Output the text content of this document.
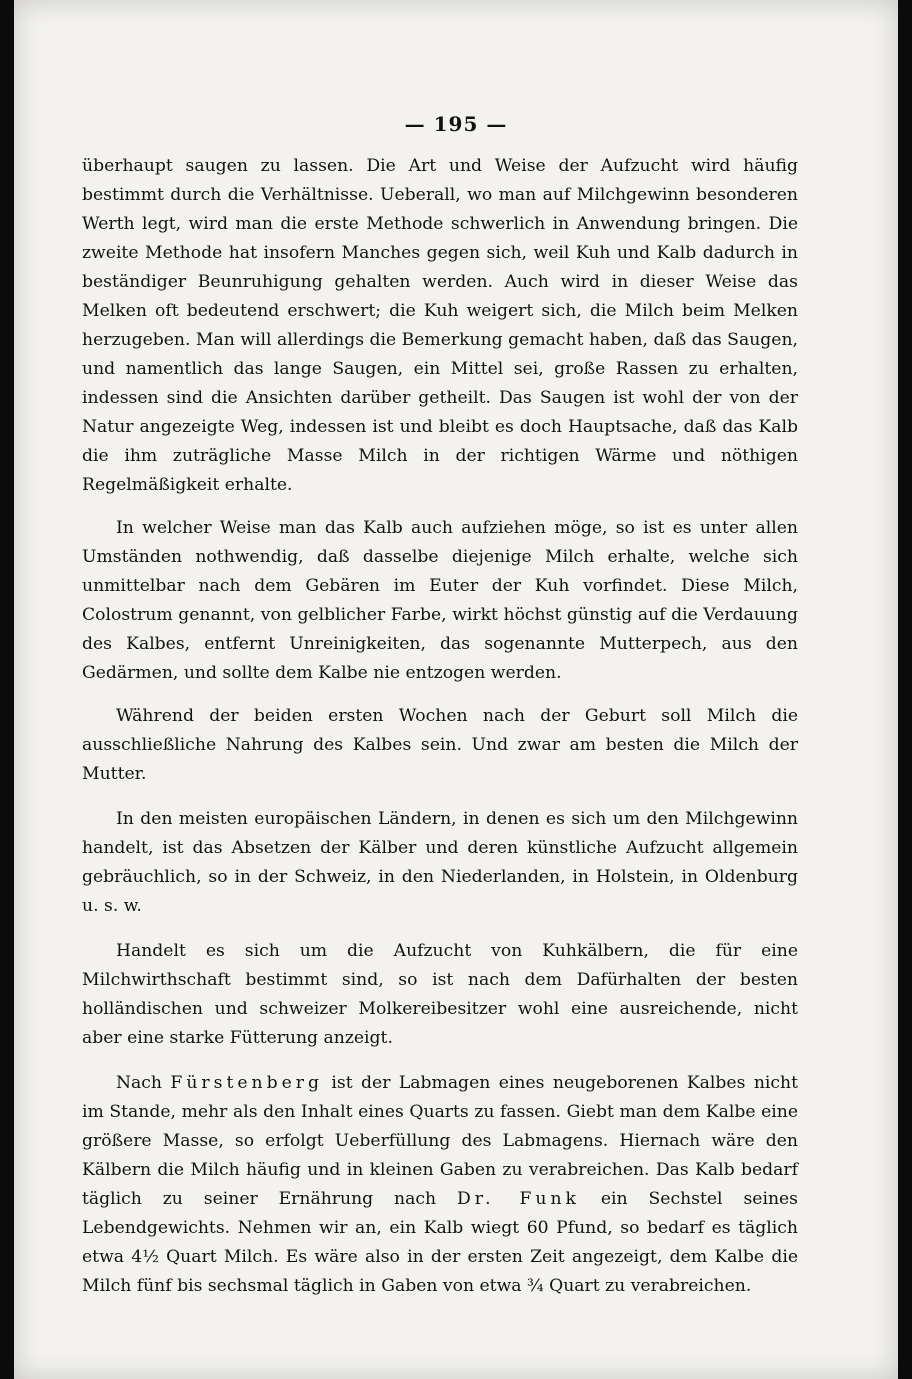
— 195 —

überhaupt saugen zu lassen. Die Art und Weise der Aufzucht wird häufig bestimmt durch die Verhältnisse. Ueberall, wo man auf Milchgewinn besonderen Werth legt, wird man die erste Methode schwerlich in Anwendung bringen. Die zweite Methode hat insofern Manches gegen sich, weil Kuh und Kalb dadurch in beständiger Beunruhigung gehalten werden. Auch wird in dieser Weise das Melken oft bedeutend erschwert; die Kuh weigert sich, die Milch beim Melken herzugeben. Man will allerdings die Bemerkung gemacht haben, daß das Saugen, und namentlich das lange Saugen, ein Mittel sei, große Rassen zu erhalten, indessen sind die Ansichten darüber getheilt. Das Saugen ist wohl der von der Natur angezeigte Weg, indessen ist und bleibt es doch Hauptsache, daß das Kalb die ihm zuträgliche Masse Milch in der richtigen Wärme und nöthigen Regelmäßigkeit erhalte.

In welcher Weise man das Kalb auch aufziehen möge, so ist es unter allen Umständen nothwendig, daß dasselbe diejenige Milch erhalte, welche sich unmittelbar nach dem Gebären im Euter der Kuh vorfindet. Diese Milch, Colostrum genannt, von gelblicher Farbe, wirkt höchst günstig auf die Verdauung des Kalbes, entfernt Unreinigkeiten, das sogenannte Mutterpech, aus den Gedärmen, und sollte dem Kalbe nie entzogen werden.

Während der beiden ersten Wochen nach der Geburt soll Milch die ausschließliche Nahrung des Kalbes sein. Und zwar am besten die Milch der Mutter.

In den meisten europäischen Ländern, in denen es sich um den Milchgewinn handelt, ist das Absetzen der Kälber und deren künstliche Aufzucht allgemein gebräuchlich, so in der Schweiz, in den Niederlanden, in Holstein, in Oldenburg u. s. w.

Handelt es sich um die Aufzucht von Kuhkälbern, die für eine Milchwirthschaft bestimmt sind, so ist nach dem Dafürhalten der besten holländischen und schweizer Molkereibesitzer wohl eine ausreichende, nicht aber eine starke Fütterung anzeigt.

Nach Fürstenberg ist der Labmagen eines neugeborenen Kalbes nicht im Stande, mehr als den Inhalt eines Quarts zu fassen. Giebt man dem Kalbe eine größere Masse, so erfolgt Ueberfüllung des Labmagens. Hiernach wäre den Kälbern die Milch häufig und in kleinen Gaben zu verabreichen. Das Kalb bedarf täglich zu seiner Ernährung nach Dr. Funk ein Sechstel seines Lebendgewichts. Nehmen wir an, ein Kalb wiegt 60 Pfund, so bedarf es täglich etwa 4½ Quart Milch. Es wäre also in der ersten Zeit angezeigt, dem Kalbe die Milch fünf bis sechsmal täglich in Gaben von etwa ¾ Quart zu verabreichen.
